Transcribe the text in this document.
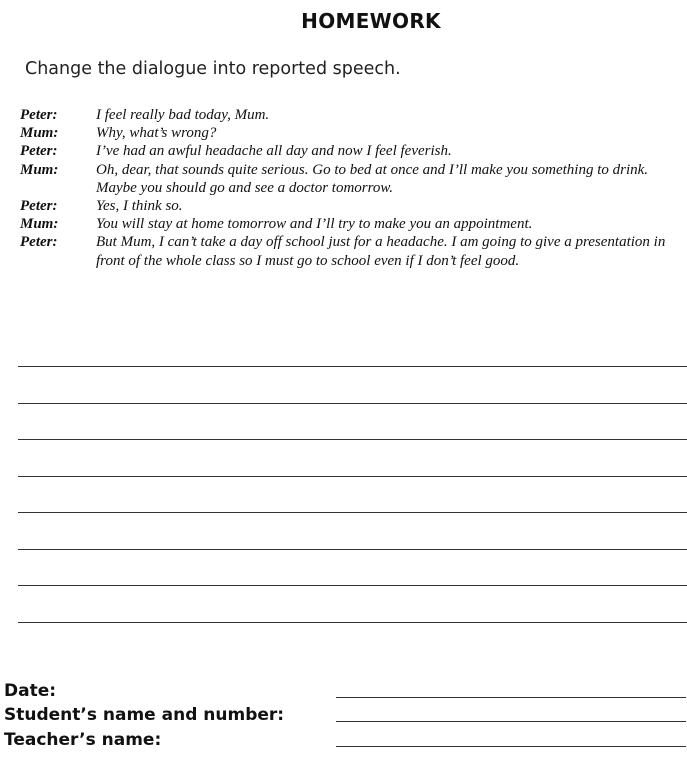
HOMEWORK
Change the dialogue into reported speech.
Peter:	I feel really bad today, Mum.
Mum:	Why, what’s wrong?
Peter:	I’ve had an awful headache all day and now I feel feverish.
Mum:	Oh, dear, that sounds quite serious. Go to bed at once and I’ll make you something to drink. Maybe you should go and see a doctor tomorrow.
Peter:	Yes, I think so.
Mum:	You will stay at home tomorrow and I’ll try to make you an appointment.
Peter:	But Mum, I can’t take a day off school just for a headache. I am going to give a presentation in front of the whole class so I must go to school even if I don’t feel good.
Date:
Student’s name and number:
Teacher’s name:
